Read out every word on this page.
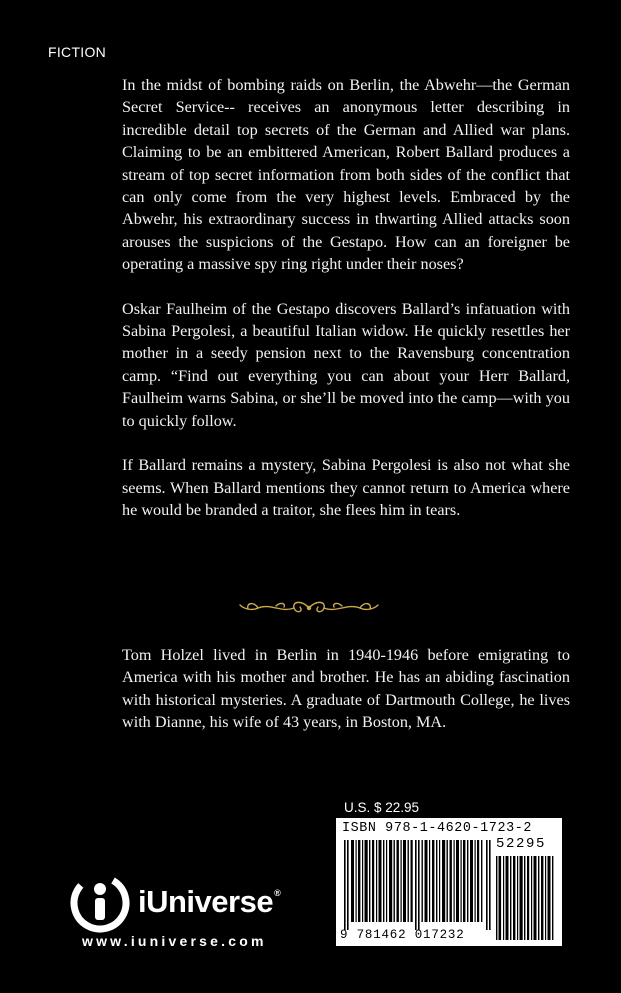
FICTION

In the midst of bombing raids on Berlin, the Abwehr—the German Secret Service-- receives an anonymous letter describing in incredible detail top secrets of the German and Allied war plans. Claiming to be an embittered American, Robert Ballard produces a stream of top secret information from both sides of the conflict that can only come from the very highest levels. Embraced by the Abwehr, his extraordinary success in thwarting Allied attacks soon arouses the suspicions of the Gestapo. How can an foreigner be operating a massive spy ring right under their noses?

Oskar Faulheim of the Gestapo discovers Ballard’s infatuation with Sabina Pergolesi, a beautiful Italian widow. He quickly resettles her mother in a seedy pension next to the Ravensburg concentration camp. “Find out everything you can about your Herr Ballard, Faulheim warns Sabina, or she’ll be moved into the camp—with you to quickly follow.

If Ballard remains a mystery, Sabina Pergolesi is also not what she seems. When Ballard mentions they cannot return to America where he would be branded a traitor, she flees him in tears.

Tom Holzel lived in Berlin in 1940-1946 before emigrating to America with his mother and brother. He has an abiding fascination with historical mysteries. A graduate of Dartmouth College, he lives with Dianne, his wife of 43 years, in Boston, MA.
U.S. $ 22.95
ISBN 978-1-4620-1723-2
52295
9 781462 017232
iUniverse®
www.iuniverse.com
